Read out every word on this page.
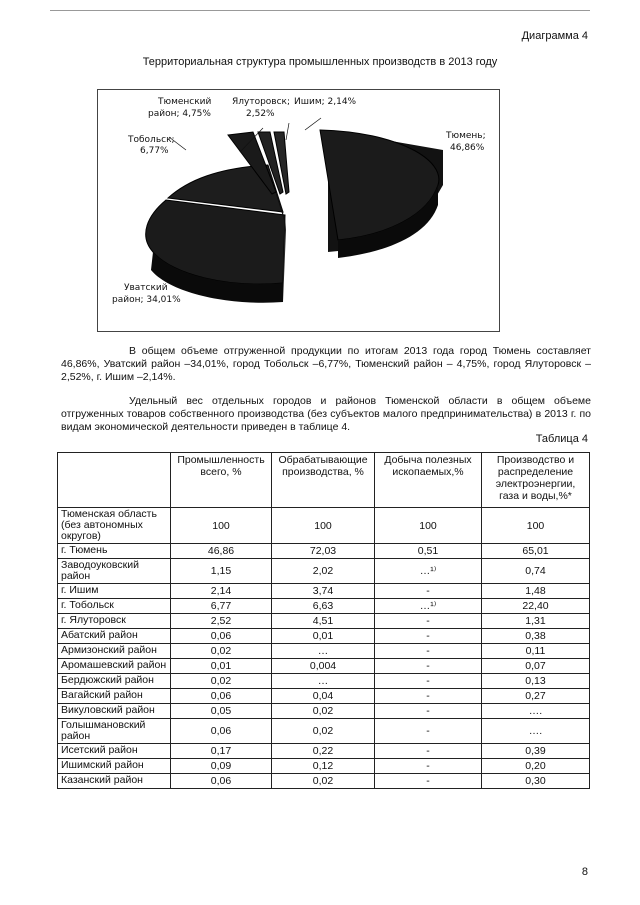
Диаграмма 4
Территориальная структура промышленных производств в 2013 году
Тюменский
район; 4,75%
Ялуторовск;
2,52%
Ишим; 2,14%
Тобольск;
6,77%
Тюмень;
46,86%
Уватский
район; 34,01%
В общем объеме отгруженной продукции по итогам 2013 года город Тюмень составляет 46,86%, Уватский район –34,01%, город Тобольск –6,77%, Тюменский район – 4,75%, город Ялуторовск –2,52%, г. Ишим –2,14%.
Удельный вес отдельных городов и районов Тюменской области в общем объеме отгруженных товаров собственного производства (без субъектов малого предпринимательства) в 2013 г. по видам экономической деятельности приведен в таблице 4.
Таблица 4
	Промышленность всего, %	Обрабатывающие производства, %	Добыча полезных ископаемых,%	Производство и распределение электроэнергии, газа и воды,%*
Тюменская область (без автономных округов)	100	100	100	100
г. Тюмень	46,86	72,03	0,51	65,01
Заводоуковский район	1,15	2,02	…¹⁾	0,74
г. Ишим	2,14	3,74	-	1,48
г. Тобольск	6,77	6,63	…¹⁾	22,40
г. Ялуторовск	2,52	4,51	-	1,31
Абатский район	0,06	0,01	-	0,38
Армизонский район	0,02	…	-	0,11
Аромашевский район	0,01	0,004	-	0,07
Бердюжский район	0,02	…	-	0,13
Вагайский район	0,06	0,04	-	0,27
Викуловский район	0,05	0,02	-	….
Голышмановский район	0,06	0,02	-	….
Исетский район	0,17	0,22	-	0,39
Ишимский район	0,09	0,12	-	0,20
Казанский район	0,06	0,02	-	0,30
8
